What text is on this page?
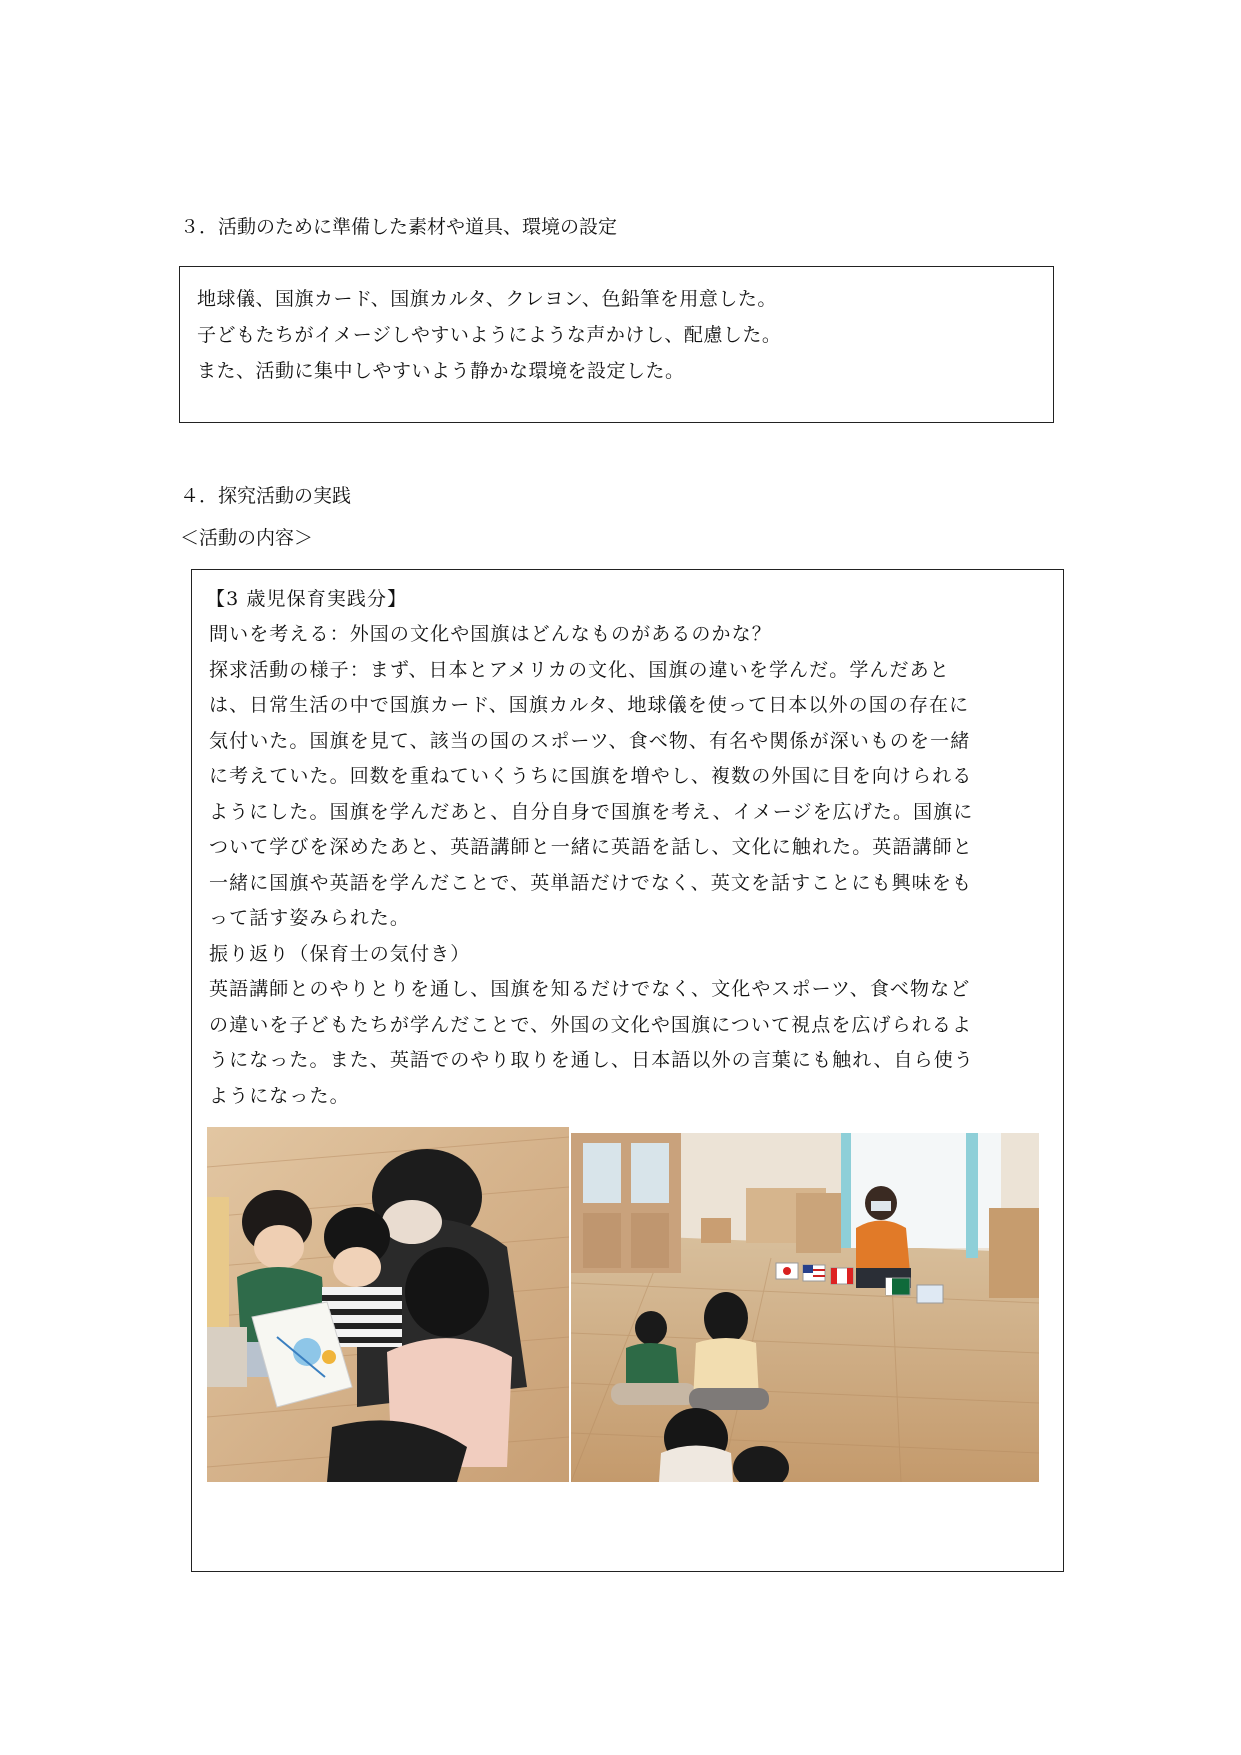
３．活動のために準備した素材や道具、環境の設定
地球儀、国旗カード、国旗カルタ、クレヨン、色鉛筆を用意した。
子どもたちがイメージしやすいようにような声かけし、配慮した。
また、活動に集中しやすいよう静かな環境を設定した。
４．探究活動の実践
＜活動の内容＞
【3 歳児保育実践分】
問いを考える：外国の文化や国旗はどんなものがあるのかな？
探求活動の様子：まず、日本とアメリカの文化、国旗の違いを学んだ。学んだあと
は、日常生活の中で国旗カード、国旗カルタ、地球儀を使って日本以外の国の存在に
気付いた。国旗を見て、該当の国のスポーツ、食べ物、有名や関係が深いものを一緒
に考えていた。回数を重ねていくうちに国旗を増やし、複数の外国に目を向けられる
ようにした。国旗を学んだあと、自分自身で国旗を考え、イメージを広げた。国旗に
ついて学びを深めたあと、英語講師と一緒に英語を話し、文化に触れた。英語講師と
一緒に国旗や英語を学んだことで、英単語だけでなく、英文を話すことにも興味をも
って話す姿みられた。
振り返り（保育士の気付き）
英語講師とのやりとりを通し、国旗を知るだけでなく、文化やスポーツ、食べ物など
の違いを子どもたちが学んだことで、外国の文化や国旗について視点を広げられるよ
うになった。また、英語でのやり取りを通し、日本語以外の言葉にも触れ、自ら使う
ようになった。
